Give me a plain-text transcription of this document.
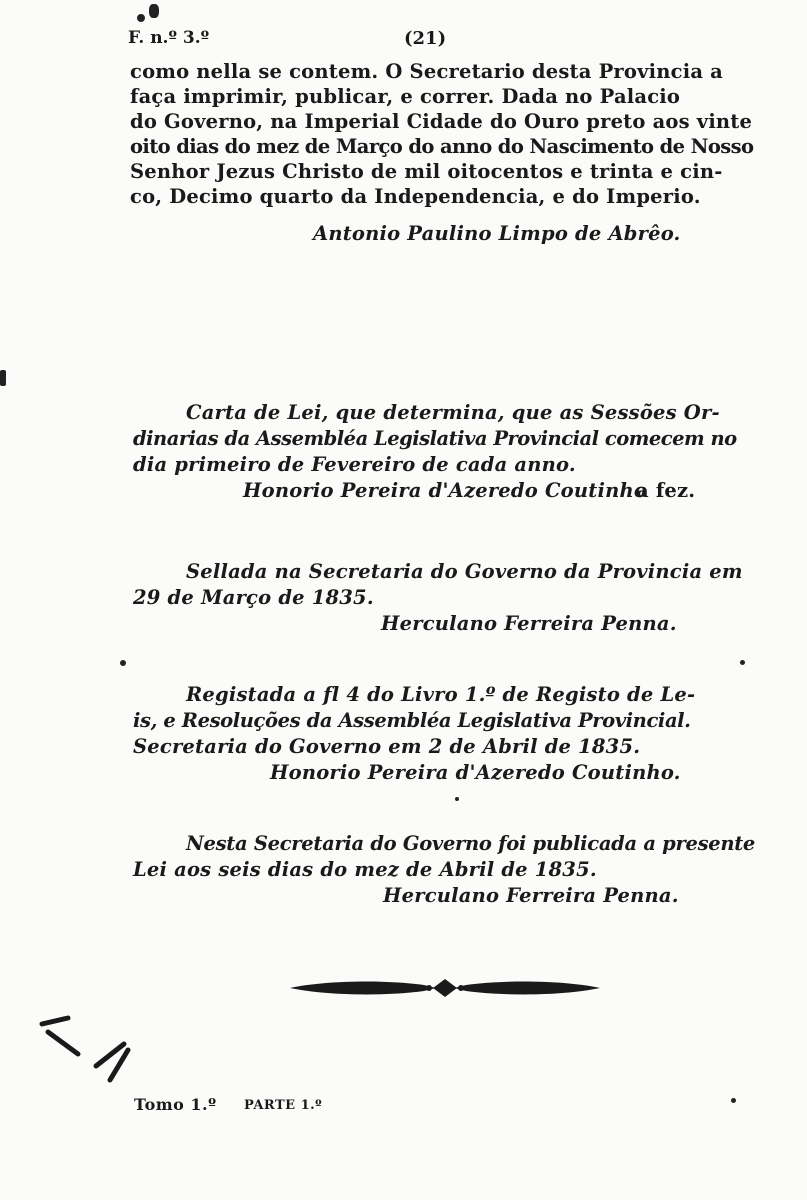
F. n.º 3.º	(21)
como nella se contem. O Secretario desta Provincia a
faça imprimir, publicar, e correr. Dada no Palacio
do Governo, na Imperial Cidade do Ouro preto aos vinte
oito dias do mez de Março do anno do Nascimento de Nosso
Senhor Jezus Christo de mil oitocentos e trinta e cin-
co, Decimo quarto da Independencia, e do Imperio.
Antonio Paulino Limpo de Abrêo.
Carta de Lei, que determina, que as Sessões Or-
dinarias da Assembléa Legislativa Provincial comecem no
dia primeiro de Fevereiro de cada anno.
Honorio Pereira d'Azeredo Coutinho
a fez.
Sellada na Secretaria do Governo da Provincia em
29 de Março de 1835.
Herculano Ferreira Penna.
Registada a fl 4 do Livro 1.º de Registo de Le-
is, e Resoluções da Assembléa Legislativa Provincial.
Secretaria do Governo em 2 de Abril de 1835.
Honorio Pereira d'Azeredo Coutinho.
Nesta Secretaria do Governo foi publicada a presente
Lei aos seis dias do mez de Abril de 1835.
Herculano Ferreira Penna.
Tomo 1.º PARTE 1.º
